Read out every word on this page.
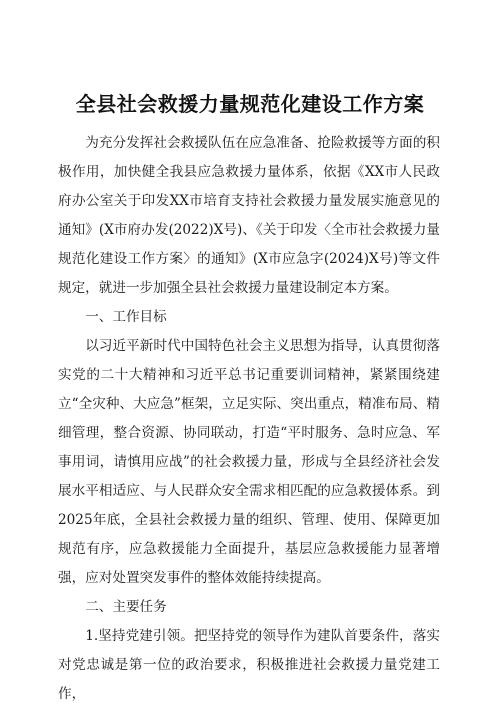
全县社会救援力量规范化建设工作方案

为充分发挥社会救援队伍在应急准备、抢险救援等方面的积极作用，加快健全我县应急救援力量体系，依据《XX市人民政府办公室关于印发XX市培育支持社会救援力量发展实施意见的通知》(X市府办发(2022)X号)、《关于印发〈全市社会救援力量规范化建设工作方案〉的通知》(X市应急字(2024)X号)等文件规定，就进一步加强全县社会救援力量建设制定本方案。

一、工作目标

以习近平新时代中国特色社会主义思想为指导，认真贯彻落实党的二十大精神和习近平总书记重要训词精神，紧紧围绕建立“全灾种、大应急”框架，立足实际、突出重点，精准布局、精细管理，整合资源、协同联动，打造“平时服务、急时应急、军事用词，请慎用应战”的社会救援力量，形成与全县经济社会发展水平相适应、与人民群众安全需求相匹配的应急救援体系。到2025年底，全县社会救援力量的组织、管理、使用、保障更加规范有序，应急救援能力全面提升，基层应急救援能力显著增强，应对处置突发事件的整体效能持续提高。

二、主要任务

1.坚持党建引领。把坚持党的领导作为建队首要条件，落实对党忠诚是第一位的政治要求，积极推进社会救援力量党建工作，
